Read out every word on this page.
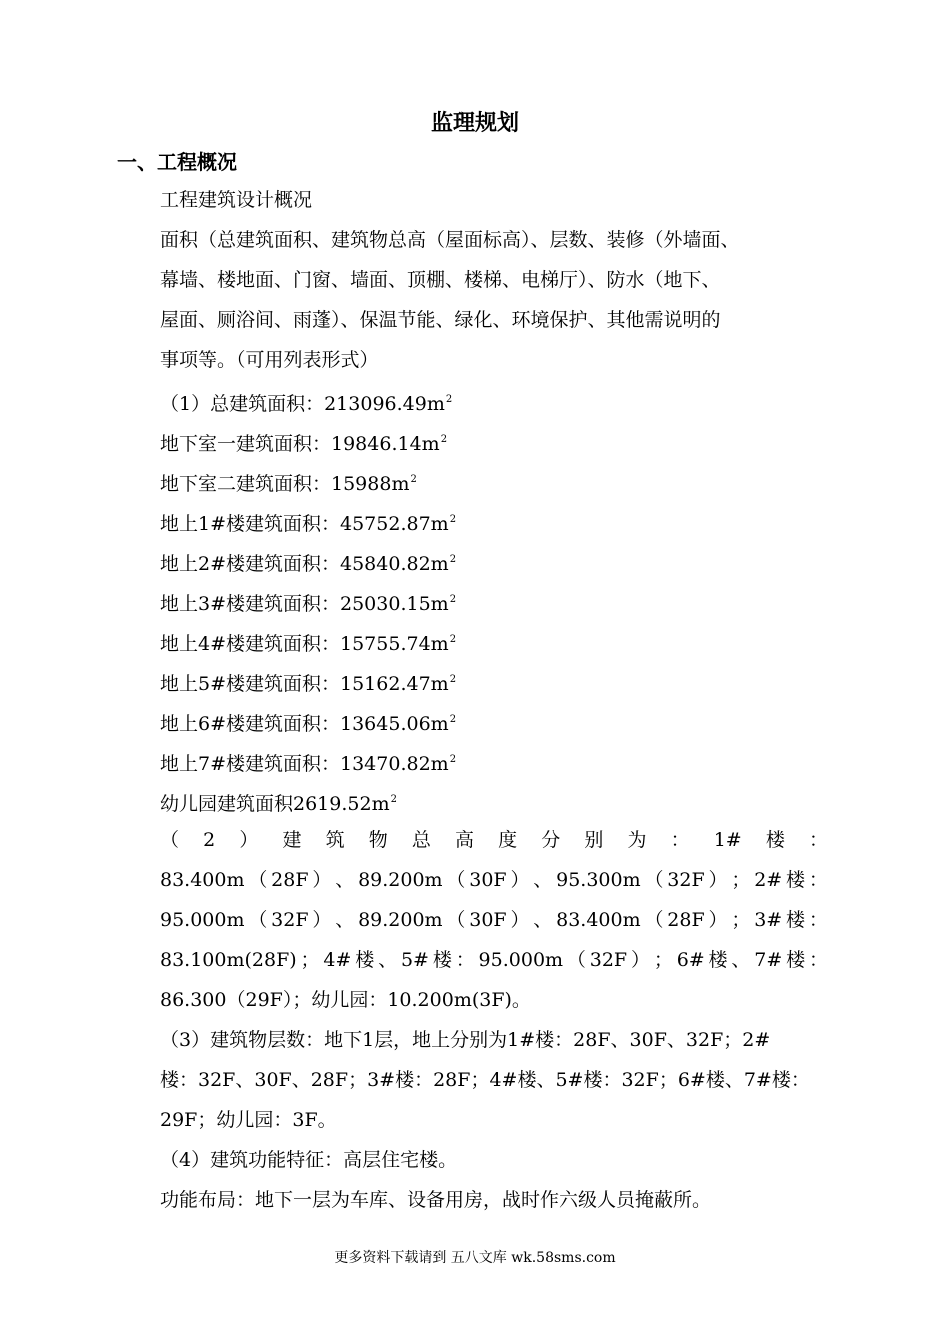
监理规划
一、工程概况
工程建筑设计概况
面积（总建筑面积、建筑物总高（屋面标高）、层数、装修（外墙面、
幕墙、楼地面、门窗、墙面、顶棚、楼梯、电梯厅）、防水（地下、
屋面、厕浴间、雨蓬）、保温节能、绿化、环境保护、其他需说明的
事项等。（可用列表形式）
（1）总建筑面积：$213096.49m^2$
地下室一建筑面积：$19846.14m^2$
地下室二建筑面积：$15988m^2$
地上1#楼建筑面积：$45752.87m^2$
地上2#楼建筑面积：$45840.82m^2$
地上3#楼建筑面积：$25030.15m^2$
地上4#楼建筑面积：$15755.74m^2$
地上5#楼建筑面积：$15162.47m^2$
地上6#楼建筑面积：$13645.06m^2$
地上7#楼建筑面积：$13470.82m^2$
幼儿园建筑面积$2619.52m^2$
（ 2 ） 建 筑 物 总 高 度 分 别 为 ： 1# 楼 ：
83.400m （ 28F ） 、 89.200m （ 30F ） 、 95.300m （ 32F ） ； 2# 楼 ：
95.000m （ 32F ） 、 89.200m （ 30F ） 、 83.400m （ 28F ） ； 3# 楼 ：
83.100m(28F) ； 4# 楼 、 5# 楼 ： 95.000m （ 32F ） ； 6# 楼 、 7# 楼 ：
86.300（29F）；幼儿园：10.200m(3F)。
（3）建筑物层数：地下1层，地上分别为1#楼：28F、30F、32F；2#
楼：32F、30F、28F；3#楼：28F；4#楼、5#楼：32F；6#楼、7#楼：
29F；幼儿园：3F。
（4）建筑功能特征：高层住宅楼。
功能布局：地下一层为车库、设备用房，战时作六级人员掩蔽所。
更多资料下载请到 五八文库 wk.58sms.com
